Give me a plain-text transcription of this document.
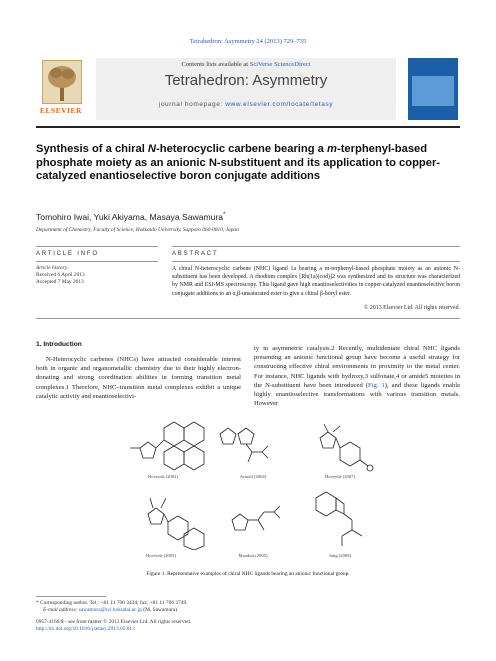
Tetrahedron: Asymmetry 24 (2013) 729–735
ELSEVIER
Contents lists available at SciVerse ScienceDirect
Tetrahedron: Asymmetry
journal homepage: www.elsevier.com/locate/tetasy
Synthesis of a chiral N-heterocyclic carbene bearing a m-terphenyl-based phosphate moiety as an anionic N-substituent and its application to copper-catalyzed enantioselective boron conjugate additions
Tomohiro Iwai, Yuki Akiyama, Masaya Sawamura*
Department of Chemistry, Faculty of Science, Hokkaido University, Sapporo 060-0810, Japan
ARTICLE INFO	ABSTRACT
Article history:
Received 6 April 2013
Accepted 7 May 2013
A chiral N-heterocyclic carbene (NHC) ligand 1a bearing a m-terphenyl-based phosphate moiety as an anionic N-substituent has been developed. A rhodium complex [Rh(1a)(cod)]2 was synthesized and its structure was characterized by NMR and ESI-MS spectroscopy. This ligand gave high enantioselectivities in copper-catalyzed enantioselective boron conjugate additions to an α,β-unsaturated ester to give a chiral β-boryl ester.
© 2013 Elsevier Ltd. All rights reserved.
1. Introduction
N-Heterocyclic carbenes (NHCs) have attracted considerable interest both in organic and organometallic chemistry due to their highly electron-donating and strong coordination abilities in forming transition metal complexes.1 Therefore, NHC–transition metal complexes exhibit a unique catalytic activity and enantioselectivi-
ty in asymmetric catalysis.2 Recently, multidentate chiral NHC ligands presenting an anionic functional group have become a useful strategy for constructing effective chiral environments in proximity to the metal center. For instance, NHC ligands with hydroxy,3 sulfonate,4 or amide5 moieties in the N-substituent have been introduced (Fig. 1), and these ligands enable highly enantioselective transformations with various transition metals. However
Hoveyda (2002)	Arnold (2004)	Hoveyda (2007)
Hoveyda (2005)	Mauduit (2005)	Jung (2008)
Figure 1. Representative examples of chiral NHC ligands bearing an anionic functional group.
* Corresponding author. Tel.: +81 11 706 3434; fax: +81 11 706 3749.
E-mail address: sawamura@sci.hokudai.ac.jp (M. Sawamura).
0957-4166/$ - see front matter © 2013 Elsevier Ltd. All rights reserved.
http://dx.doi.org/10.1016/j.tetasy.2013.05.013
